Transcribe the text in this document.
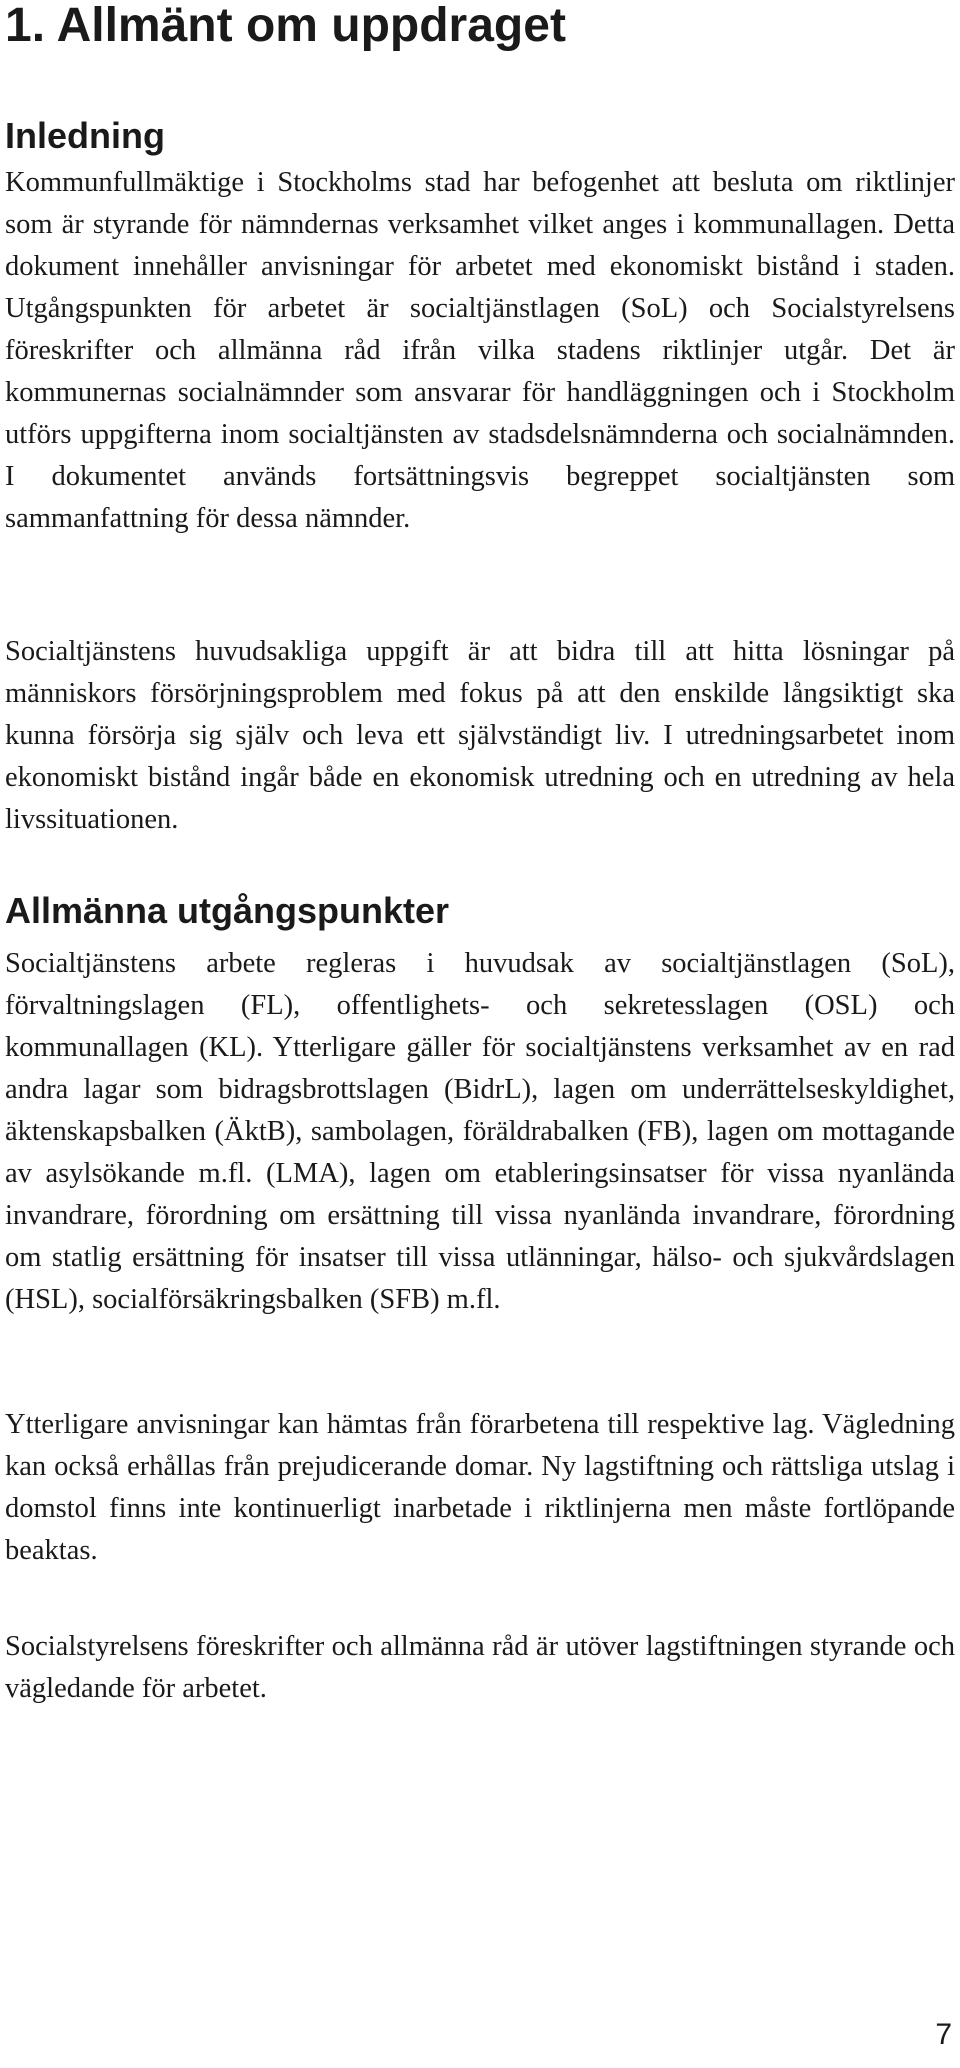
1. Allmänt om uppdraget
Inledning

Kommunfullmäktige i Stockholms stad har befogenhet att besluta om riktlinjer som är styrande för nämndernas verksamhet vilket anges i kommunallagen. Detta dokument innehåller anvisningar för arbetet med ekonomiskt bistånd i staden. Utgångspunkten för arbetet är socialtjänstlagen (SoL) och Socialstyrelsens föreskrifter och allmänna råd ifrån vilka stadens riktlinjer utgår. Det är kommunernas socialnämnder som ansvarar för handläggningen och i Stockholm utförs uppgifterna inom socialtjänsten av stadsdelsnämnderna och socialnämnden. I dokumentet används fortsättningsvis begreppet socialtjänsten som sammanfattning för dessa nämnder.

Socialtjänstens huvudsakliga uppgift är att bidra till att hitta lösningar på människors försörjningsproblem med fokus på att den enskilde långsiktigt ska kunna försörja sig själv och leva ett självständigt liv. I utredningsarbetet inom ekonomiskt bistånd ingår både en ekonomisk utredning och en utredning av hela livssituationen.

Allmänna utgångspunkter

Socialtjänstens arbete regleras i huvudsak av socialtjänstlagen (SoL), förvaltningslagen (FL), offentlighets- och sekretesslagen (OSL) och kommunallagen (KL). Ytterligare gäller för socialtjänstens verksamhet av en rad andra lagar som bidragsbrottslagen (BidrL), lagen om underrättelseskyldighet, äktenskapsbalken (ÄktB), sambolagen, föräldrabalken (FB), lagen om mottagande av asylsökande m.fl. (LMA), lagen om etableringsinsatser för vissa nyanlända invandrare, förordning om ersättning till vissa nyanlända invandrare, förordning om statlig ersättning för insatser till vissa utlänningar, hälso- och sjukvårdslagen (HSL), socialförsäkringsbalken (SFB) m.fl.

Ytterligare anvisningar kan hämtas från förarbetena till respektive lag. Vägledning kan också erhållas från prejudicerande domar. Ny lagstiftning och rättsliga utslag i domstol finns inte kontinuerligt inarbetade i riktlinjerna men måste fortlöpande beaktas.

Socialstyrelsens föreskrifter och allmänna råd är utöver lagstiftningen styrande och vägledande för arbetet.

7
